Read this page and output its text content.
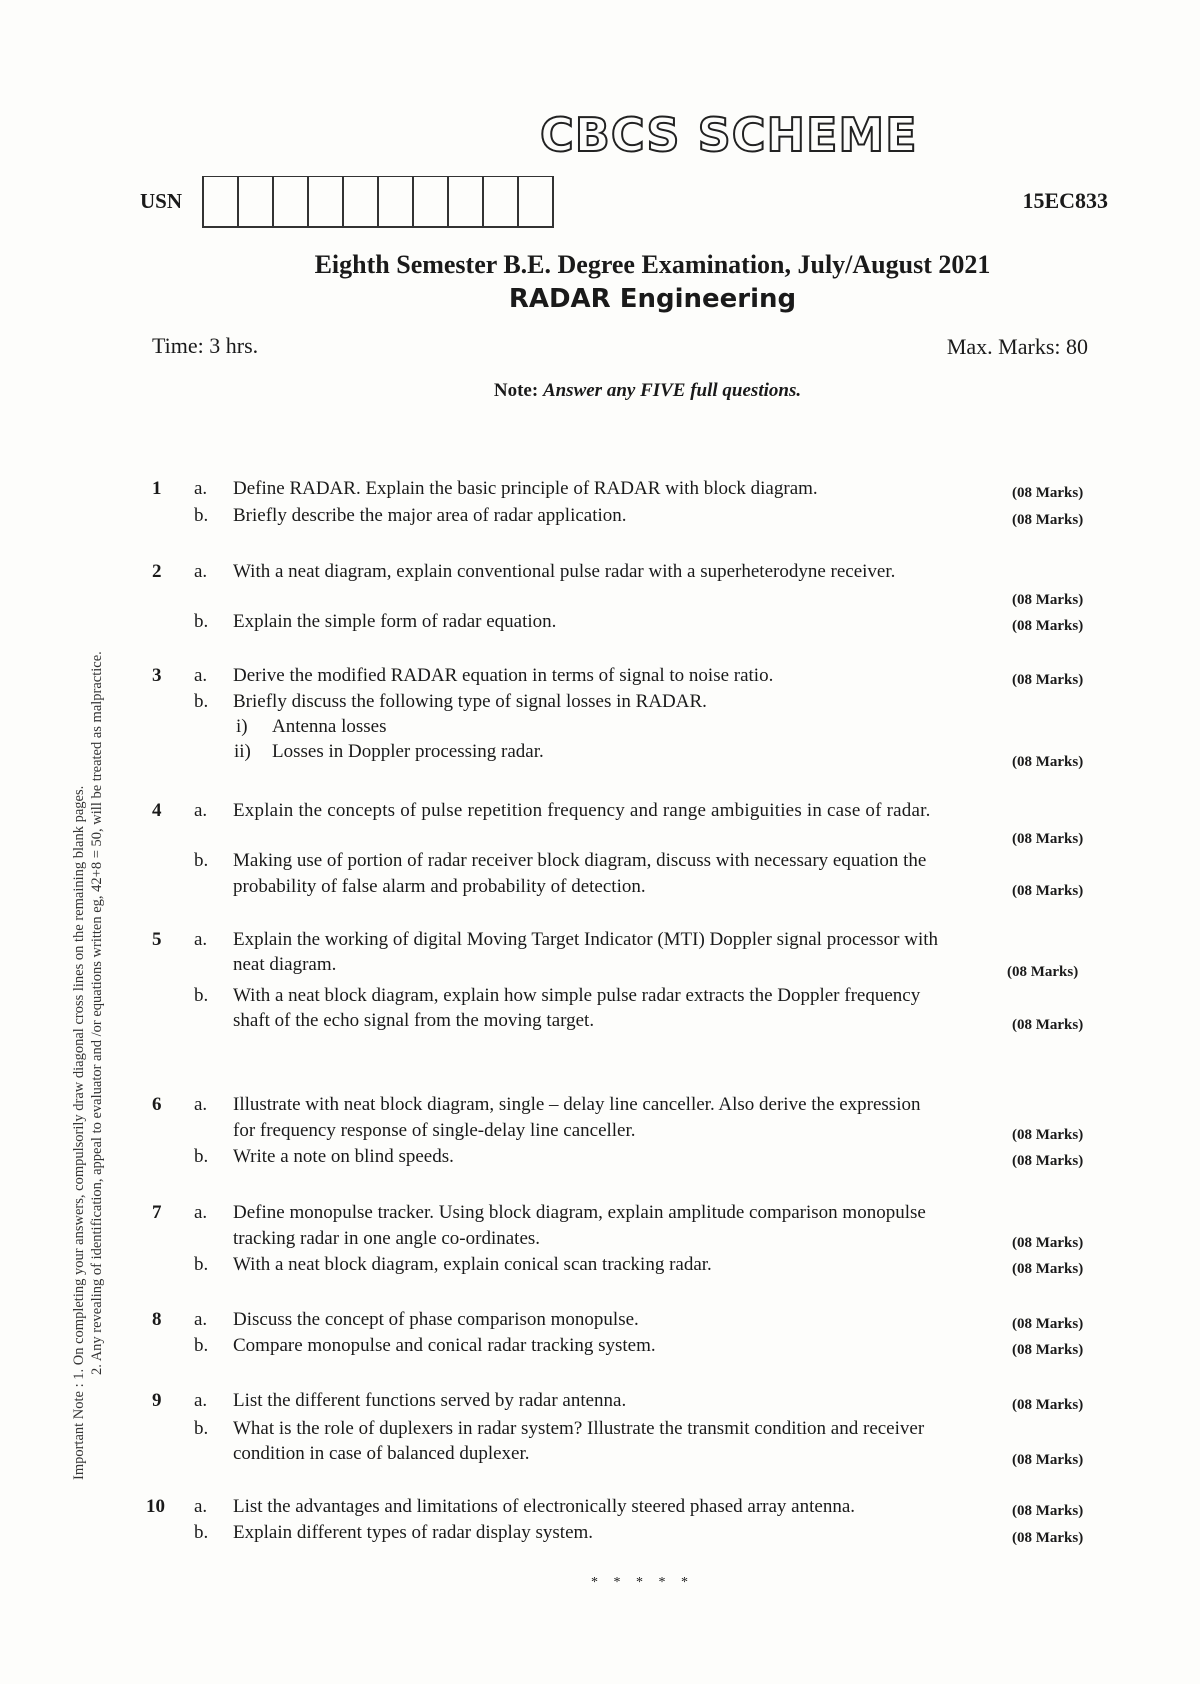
CBCS SCHEME
USN	15EC833
Eighth Semester B.E. Degree Examination, July/August 2021
RADAR Engineering
Time: 3 hrs.	Max. Marks: 80
Note: Answer any FIVE full questions.
Important Note : 1. On completing your answers, compulsorily draw diagonal cross lines on the remaining blank pages. 2. Any revealing of identification, appeal to evaluator and /or equations written eg, 42+8 = 50, will be treated as malpractice.
1 a. Define RADAR. Explain the basic principle of RADAR with block diagram.	(08 Marks)
b. Briefly describe the major area of radar application.	(08 Marks)
2 a. With a neat diagram, explain conventional pulse radar with a superheterodyne receiver.
(08 Marks)
b. Explain the simple form of radar equation.	(08 Marks)
3 a. Derive the modified RADAR equation in terms of signal to noise ratio.	(08 Marks)
b. Briefly discuss the following type of signal losses in RADAR.
i) Antenna losses
ii) Losses in Doppler processing radar.	(08 Marks)
4 a. Explain the concepts of pulse repetition frequency and range ambiguities in case of radar.
(08 Marks)
b. Making use of portion of radar receiver block diagram, discuss with necessary equation the
probability of false alarm and probability of detection.	(08 Marks)
5 a. Explain the working of digital Moving Target Indicator (MTI) Doppler signal processor with
neat diagram.	(08 Marks)
b. With a neat block diagram, explain how simple pulse radar extracts the Doppler frequency
shaft of the echo signal from the moving target.	(08 Marks)
6 a. Illustrate with neat block diagram, single – delay line canceller. Also derive the expression
for frequency response of single-delay line canceller.	(08 Marks)
b. Write a note on blind speeds.	(08 Marks)
7 a. Define monopulse tracker. Using block diagram, explain amplitude comparison monopulse
tracking radar in one angle co-ordinates.	(08 Marks)
b. With a neat block diagram, explain conical scan tracking radar.	(08 Marks)
8 a. Discuss the concept of phase comparison monopulse.	(08 Marks)
b. Compare monopulse and conical radar tracking system.	(08 Marks)
9 a. List the different functions served by radar antenna.	(08 Marks)
b. What is the role of duplexers in radar system? Illustrate the transmit condition and receiver
condition in case of balanced duplexer.	(08 Marks)
10 a. List the advantages and limitations of electronically steered phased array antenna.	(08 Marks)
b. Explain different types of radar display system.	(08 Marks)
* * * * *
